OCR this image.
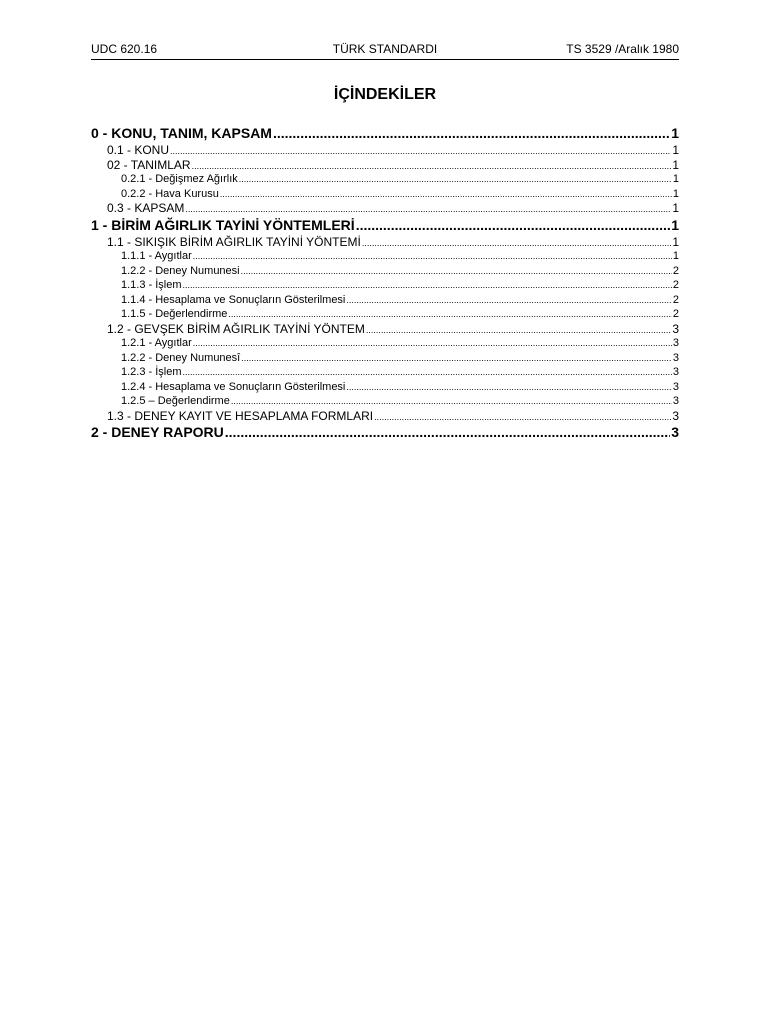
UDC 620.16	TÜRK STANDARDI	TS 3529 /Aralık 1980
İÇİNDEKİLER
0 - KONU, TANIM, KAPSAM .....	1
0.1 - KONU .....	1
02 - TANIMLAR .....	1
0.2.1 - Değişmez Ağırlık .....	1
0.2.2 - Hava Kurusu .....	1
0.3 - KAPSAM .....	1
1 - BİRİM AĞIRLIK TAYİNİ YÖNTEMLERİ .....	1
1.1 - SIKIŞIK BİRİM AĞIRLIK TAYİNİ YÖNTEMİ .....	1
1.1.1 - Aygıtlar .....	1
1.2.2 - Deney Numunesi .....	2
1.1.3 - İşlem .....	2
1.1.4 - Hesaplama ve Sonuçların Gösterilmesi .....	2
1.1.5 - Değerlendirme .....	2
1.2 - GEVŞEK BİRİM AĞIRLIK TAYİNİ YÖNTEM .....	3
1.2.1 - Aygıtlar .....	3
1.2.2 - Deney Numunesî .....	3
1.2.3 - İşlem .....	3
1.2.4 - Hesaplama ve Sonuçların Gösterilmesi .....	3
1.2.5 – Değerlendirme .....	3
1.3 - DENEY KAYIT VE HESAPLAMA FORMLARI .....	3
2 - DENEY RAPORU .....	3
